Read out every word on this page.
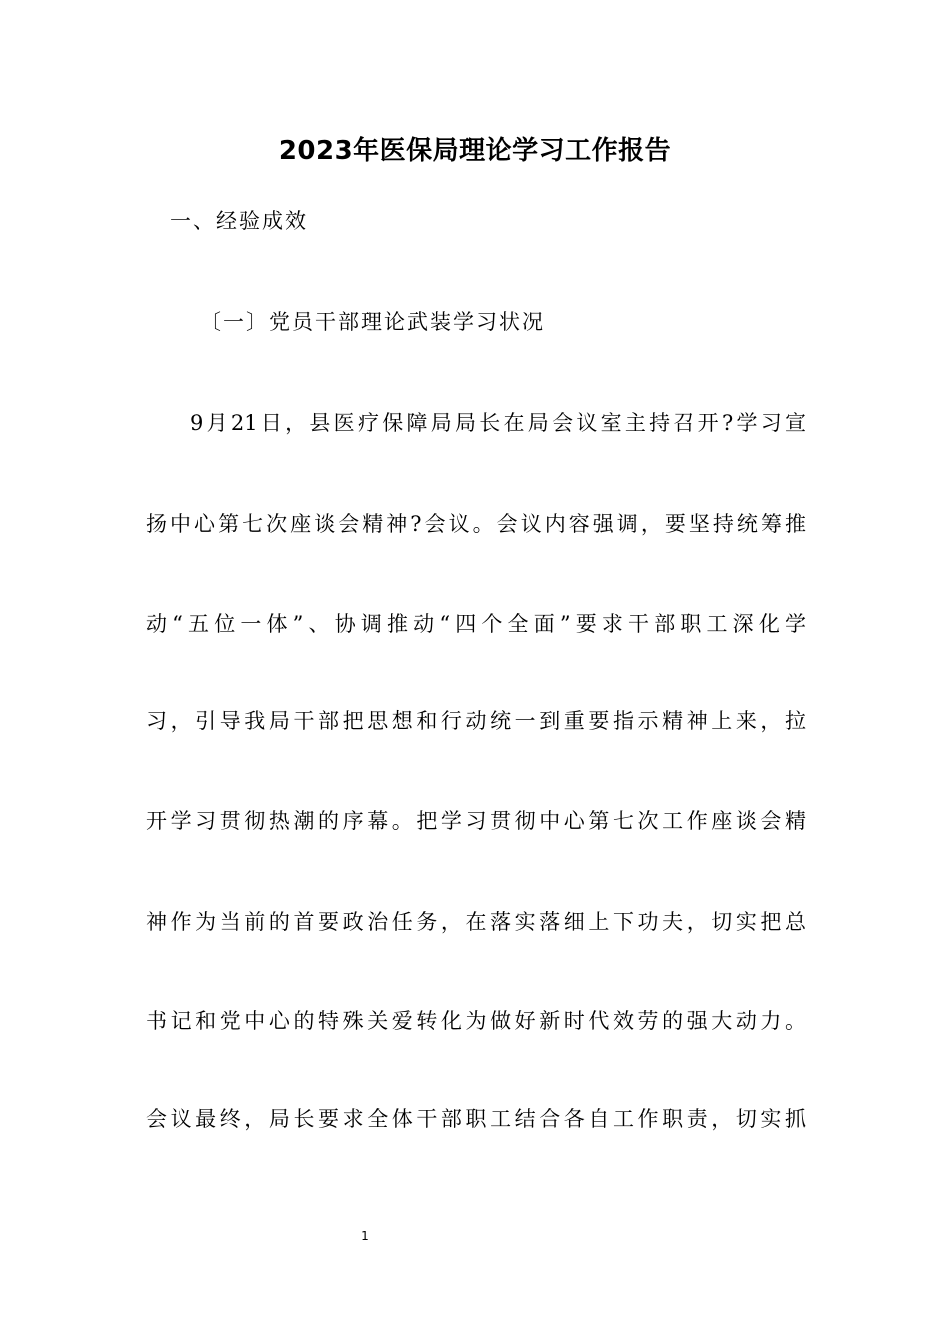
2023年医保局理论学习工作报告
一、经验成效
〔一〕党员干部理论武装学习状况
9月21日，县医疗保障局局长在局会议室主持召开?学习宣
扬中心第七次座谈会精神?会议。会议内容强调，要坚持统筹推
动“五位一体”、协调推动“四个全面”要求干部职工深化学
习，引导我局干部把思想和行动统一到重要指示精神上来，拉
开学习贯彻热潮的序幕。把学习贯彻中心第七次工作座谈会精
神作为当前的首要政治任务，在落实落细上下功夫，切实把总
书记和党中心的特殊关爱转化为做好新时代效劳的强大动力。
会议最终，局长要求全体干部职工结合各自工作职责，切实抓
1
